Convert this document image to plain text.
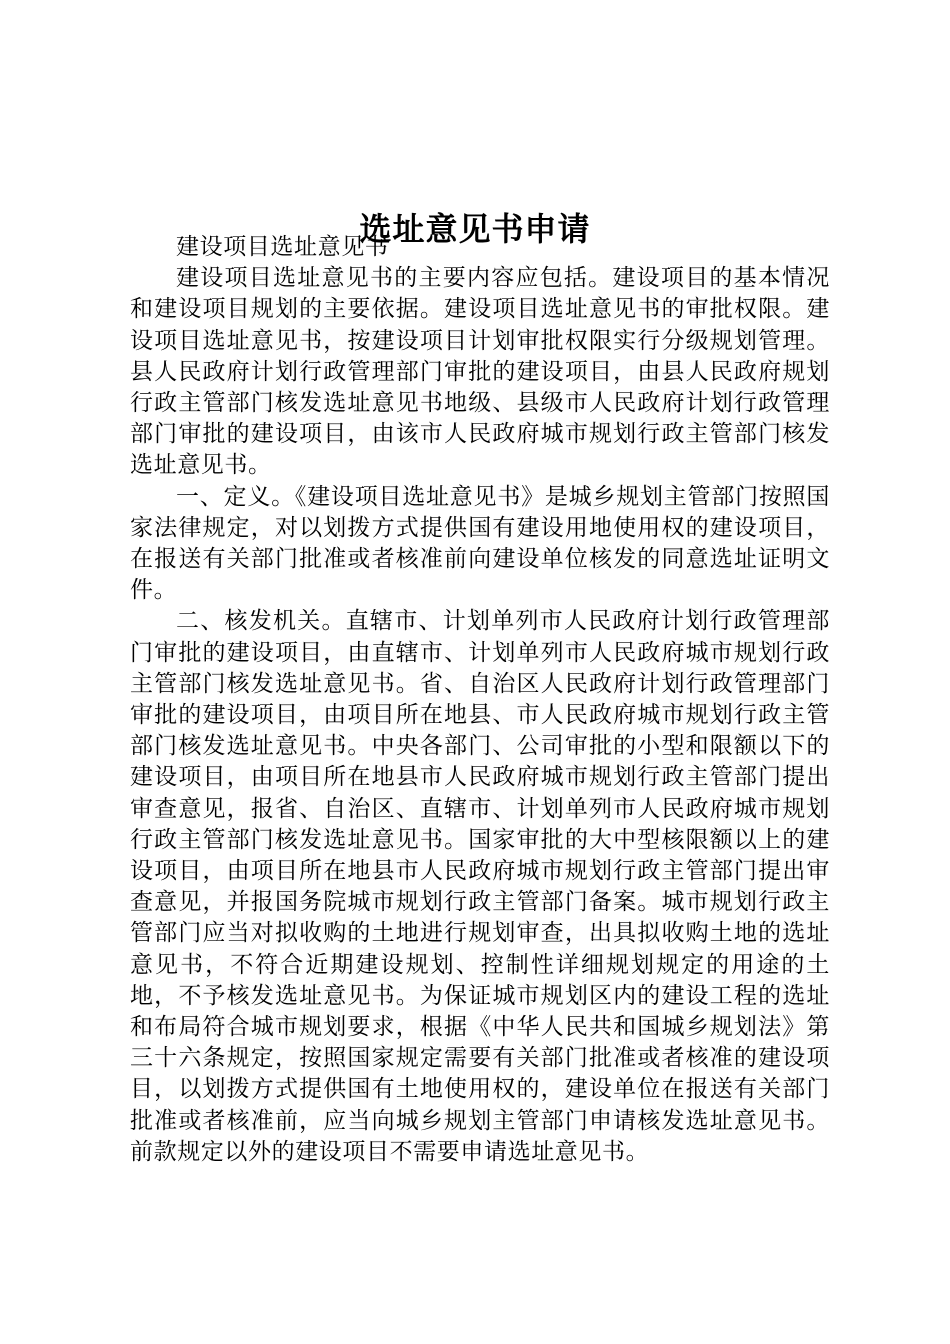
选址意见书申请

建设项目选址意见书

建设项目选址意见书的主要内容应包括。建设项目的基本情况和建设项目规划的主要依据。建设项目选址意见书的审批权限。建设项目选址意见书，按建设项目计划审批权限实行分级规划管理。县人民政府计划行政管理部门审批的建设项目，由县人民政府规划行政主管部门核发选址意见书地级、县级市人民政府计划行政管理部门审批的建设项目，由该市人民政府城市规划行政主管部门核发选址意见书。

一、定义。《建设项目选址意见书》是城乡规划主管部门按照国家法律规定，对以划拨方式提供国有建设用地使用权的建设项目，在报送有关部门批准或者核准前向建设单位核发的同意选址证明文件。

二、核发机关。直辖市、计划单列市人民政府计划行政管理部门审批的建设项目，由直辖市、计划单列市人民政府城市规划行政主管部门核发选址意见书。省、自治区人民政府计划行政管理部门审批的建设项目，由项目所在地县、市人民政府城市规划行政主管部门核发选址意见书。中央各部门、公司审批的小型和限额以下的建设项目，由项目所在地县市人民政府城市规划行政主管部门提出审查意见，报省、自治区、直辖市、计划单列市人民政府城市规划行政主管部门核发选址意见书。国家审批的大中型核限额以上的建设项目，由项目所在地县市人民政府城市规划行政主管部门提出审查意见，并报国务院城市规划行政主管部门备案。城市规划行政主管部门应当对拟收购的土地进行规划审查，出具拟收购土地的选址意见书，不符合近期建设规划、控制性详细规划规定的用途的土地，不予核发选址意见书。为保证城市规划区内的建设工程的选址和布局符合城市规划要求，根据《中华人民共和国城乡规划法》第三十六条规定，按照国家规定需要有关部门批准或者核准的建设项目，以划拨方式提供国有土地使用权的，建设单位在报送有关部门批准或者核准前，应当向城乡规划主管部门申请核发选址意见书。前款规定以外的建设项目不需要申请选址意见书。
